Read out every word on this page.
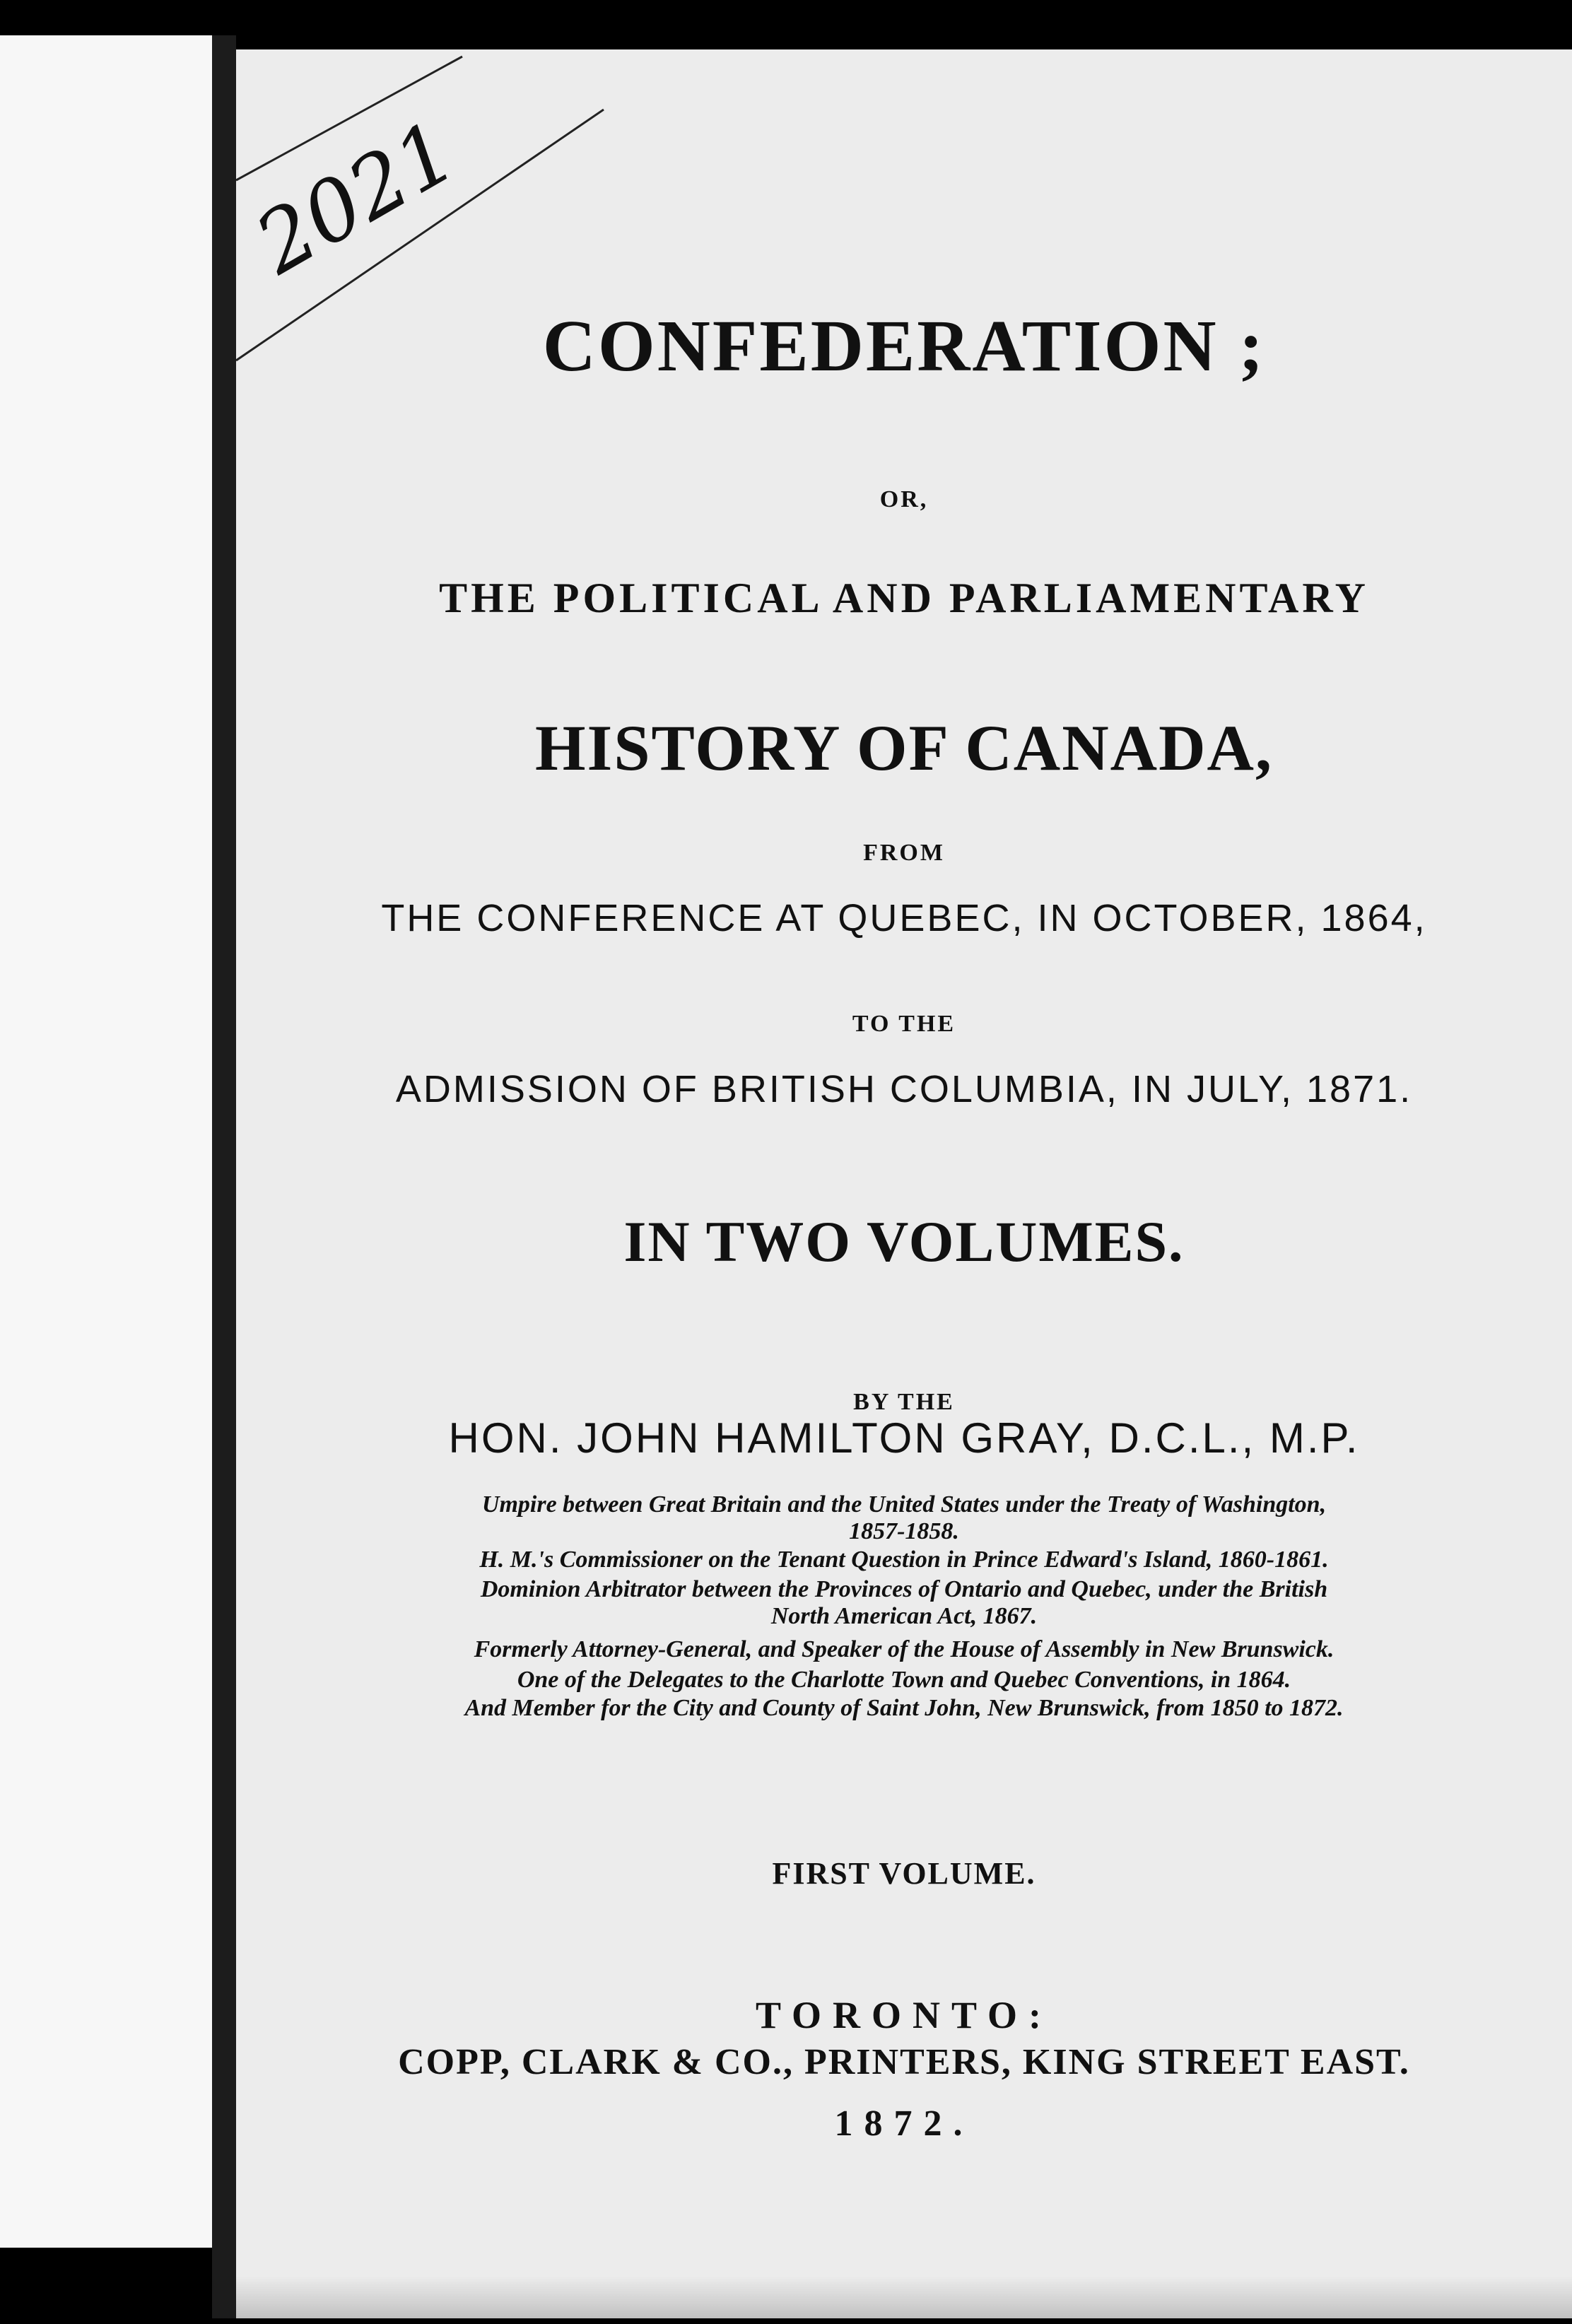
2021

CONFEDERATION ;

OR,

THE POLITICAL AND PARLIAMENTARY

HISTORY OF CANADA,

FROM

THE CONFERENCE AT QUEBEC, IN OCTOBER, 1864,

TO THE

ADMISSION OF BRITISH COLUMBIA, IN JULY, 1871.

IN TWO VOLUMES.

BY THE

HON. JOHN HAMILTON GRAY, D.C.L., M.P.

Umpire between Great Britain and the United States under the Treaty of Washington,

1857-1858.

H. M.'s Commissioner on the Tenant Question in Prince Edward's Island, 1860-1861.

Dominion Arbitrator between the Provinces of Ontario and Quebec, under the British

North American Act, 1867.

Formerly Attorney-General, and Speaker of the House of Assembly in New Brunswick.

One of the Delegates to the Charlotte Town and Quebec Conventions, in 1864.

And Member for the City and County of Saint John, New Brunswick, from 1850 to 1872.

FIRST VOLUME.

TORONTO:

COPP, CLARK & CO., PRINTERS, KING STREET EAST.

1872.
